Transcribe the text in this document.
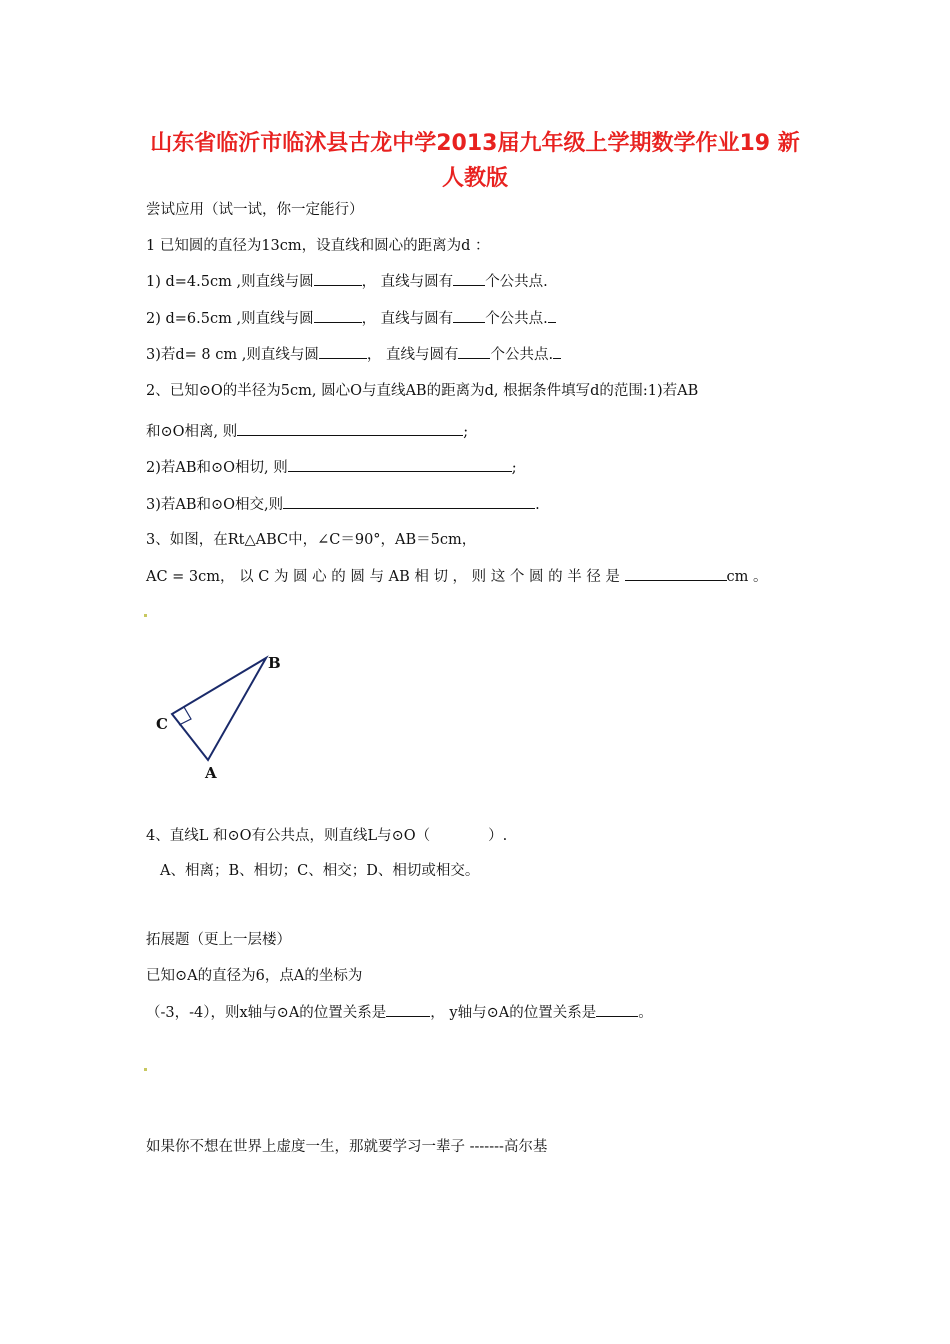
山东省临沂市临沭县古龙中学2013届九年级上学期数学作业19 新
人教版
尝试应用（试一试，你一定能行）
1 已知圆的直径为13cm，设直线和圆心的距离为d ：
1) d=4.5cm ,则直线与圆	， 直线与圆有 个公共点.
2) d=6.5cm ,则直线与圆	， 直线与圆有 个公共点.
3)若d= 8 cm ,则直线与圆	， 直线与圆有 个公共点.
2、已知⊙O的半径为5cm, 圆心O与直线AB的距离为d, 根据条件填写d的范围:1)若AB
和⊙O相离, 则	;
2)若AB和⊙O相切, 则	;
3)若AB和⊙O相交,则	.
3、如图，在Rt△ABC中，∠C＝90°，AB＝5cm，
AC = 3cm， 以 C 为 圆 心 的 圆 与 AB 相 切 ， 则 这 个 圆 的 半 径 是	cm 。
B
C
A
4、直线L 和⊙O有公共点，则直线L与⊙O（　　　　）.
A、相离；B、相切；C、相交；D、相切或相交。
拓展题（更上一层楼）
已知⊙A的直径为6，点A的坐标为
（-3，-4），则x轴与⊙A的位置关系是	， y轴与⊙A的位置关系是	。
如果你不想在世界上虚度一生，那就要学习一辈子 -------高尔基
